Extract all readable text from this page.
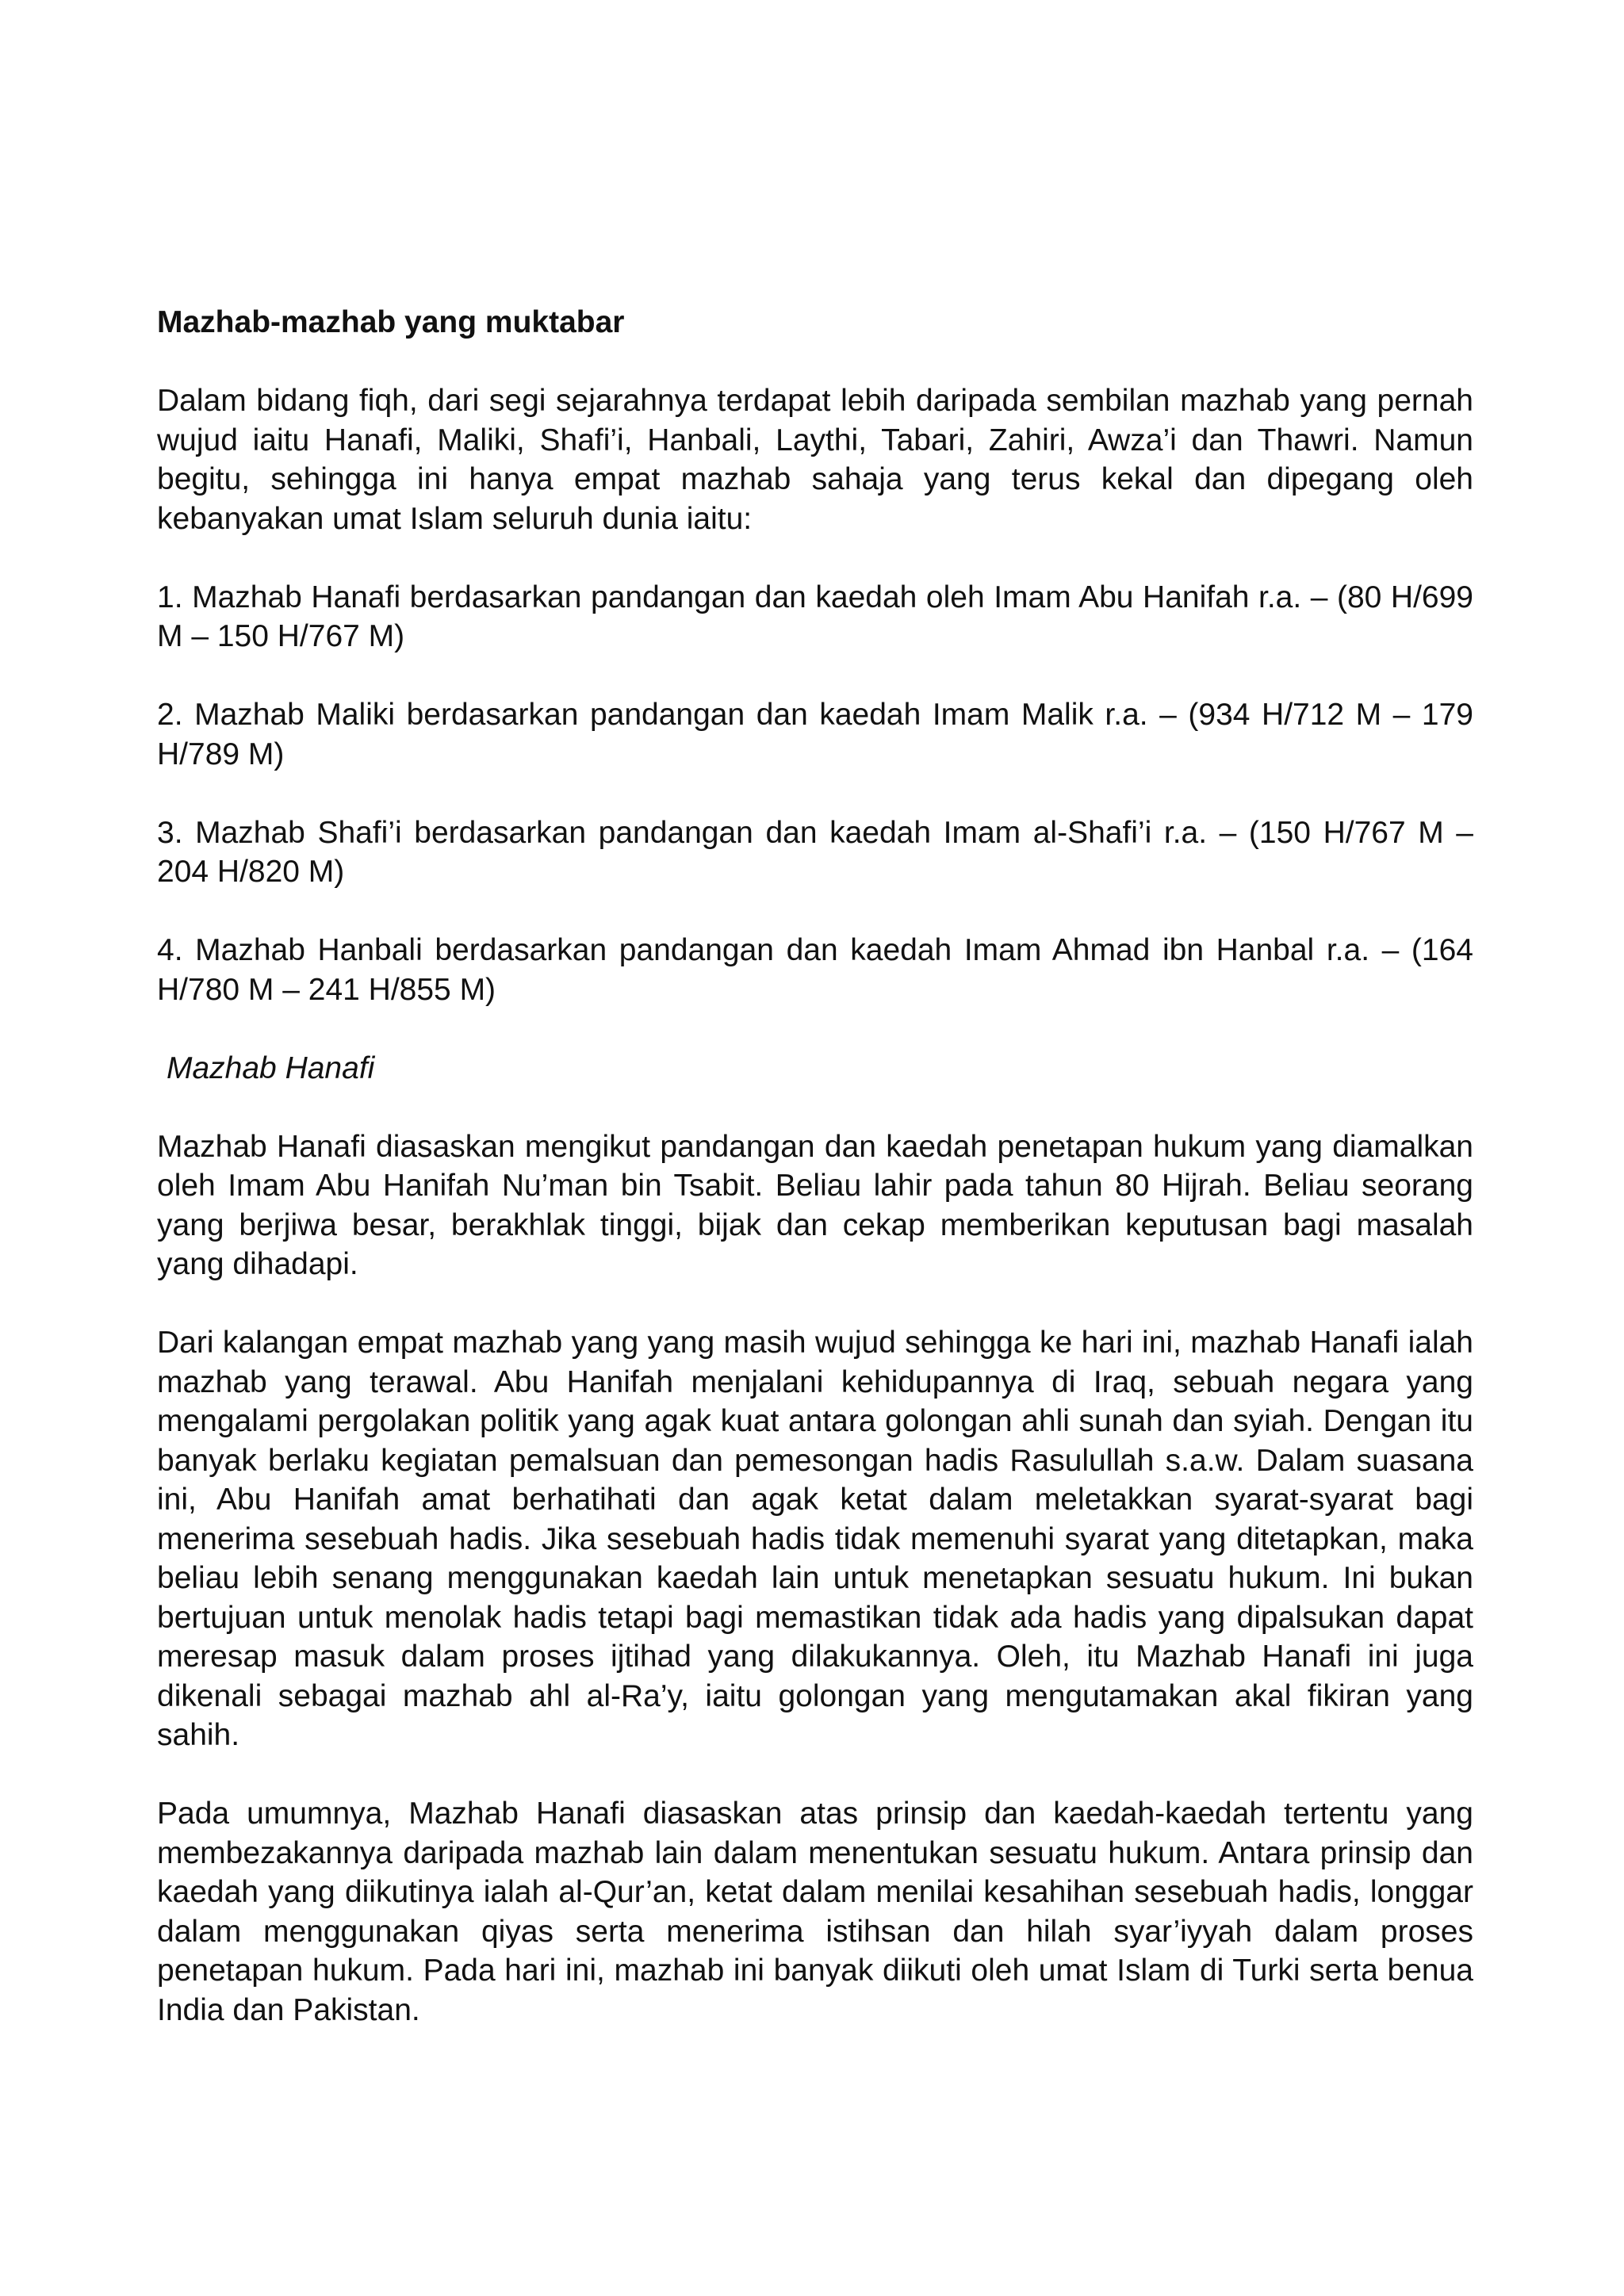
Mazhab-mazhab yang muktabar

Dalam bidang fiqh, dari segi sejarahnya terdapat lebih daripada sembilan mazhab yang pernah wujud iaitu Hanafi, Maliki, Shafi’i, Hanbali, Laythi, Tabari, Zahiri, Awza’i dan Thawri. Namun begitu, sehingga ini hanya empat mazhab sahaja yang terus kekal dan dipegang oleh kebanyakan umat Islam seluruh dunia iaitu:

1. Mazhab Hanafi berdasarkan pandangan dan kaedah oleh Imam Abu Hanifah r.a. – (80 H/699 M – 150 H/767 M)

2. Mazhab Maliki berdasarkan pandangan dan kaedah Imam Malik r.a. – (934 H/712 M – 179 H/789 M)

3. Mazhab Shafi’i berdasarkan pandangan dan kaedah Imam al-Shafi’i r.a. – (150 H/767 M – 204 H/820 M)

4. Mazhab Hanbali berdasarkan pandangan dan kaedah Imam Ahmad ibn Hanbal r.a. – (164 H/780 M – 241 H/855 M)

Mazhab Hanafi

Mazhab Hanafi diasaskan mengikut pandangan dan kaedah penetapan hukum yang diamalkan oleh Imam Abu Hanifah Nu’man bin Tsabit. Beliau lahir pada tahun 80 Hijrah. Beliau seorang yang berjiwa besar, berakhlak tinggi, bijak dan cekap memberikan keputusan bagi masalah yang dihadapi.

Dari kalangan empat mazhab yang yang masih wujud sehingga ke hari ini, mazhab Hanafi ialah mazhab yang terawal. Abu Hanifah menjalani kehidupannya di Iraq, sebuah negara yang mengalami pergolakan politik yang agak kuat antara golongan ahli sunah dan syiah. Dengan itu banyak berlaku kegiatan pemalsuan dan pemesongan hadis Rasulullah s.a.w. Dalam suasana ini, Abu Hanifah amat berhatihati dan agak ketat dalam meletakkan syarat-syarat bagi menerima sesebuah hadis. Jika sesebuah hadis tidak memenuhi syarat yang ditetapkan, maka beliau lebih senang menggunakan kaedah lain untuk menetapkan sesuatu hukum. Ini bukan bertujuan untuk menolak hadis tetapi bagi memastikan tidak ada hadis yang dipalsukan dapat meresap masuk dalam proses ijtihad yang dilakukannya. Oleh, itu Mazhab Hanafi ini juga dikenali sebagai mazhab ahl al-Ra’y, iaitu golongan yang mengutamakan akal fikiran yang sahih.

Pada umumnya, Mazhab Hanafi diasaskan atas prinsip dan kaedah-kaedah tertentu yang membezakannya daripada mazhab lain dalam menentukan sesuatu hukum. Antara prinsip dan kaedah yang diikutinya ialah al-Qur’an, ketat dalam menilai kesahihan sesebuah hadis, longgar dalam menggunakan qiyas serta menerima istihsan dan hilah syar’iyyah dalam proses penetapan hukum. Pada hari ini, mazhab ini banyak diikuti oleh umat Islam di Turki serta benua India dan Pakistan.
